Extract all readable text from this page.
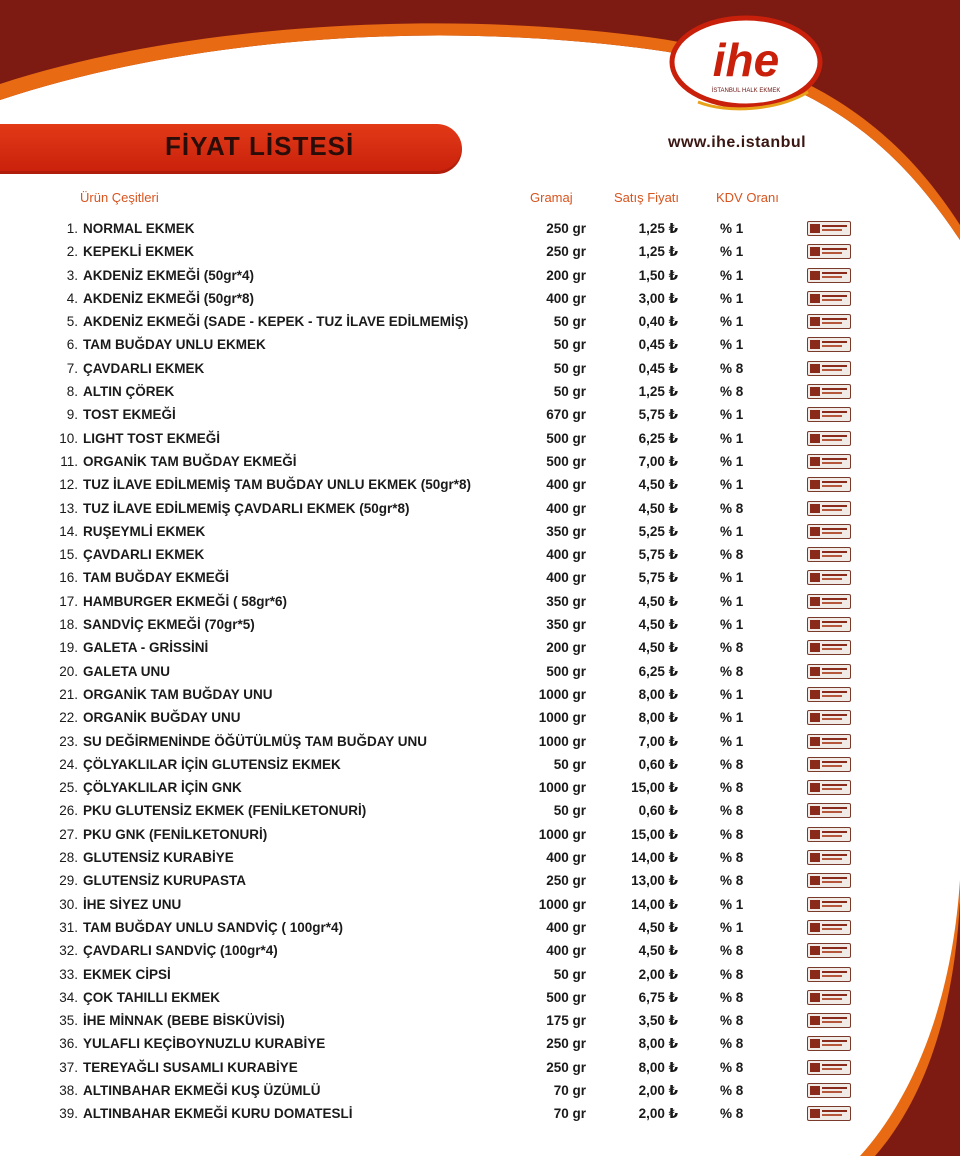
ihe
İSTANBUL HALK EKMEK
www.ihe.istanbul
FİYAT LİSTESİ
Ürün Çeşitleri	Gramaj	Satış Fiyatı	KDV Oranı
1. NORMAL EKMEK	250 gr	1,25 ₺	% 1
2. KEPEKLİ EKMEK	250 gr	1,25 ₺	% 1
3. AKDENİZ EKMEĞİ (50gr*4)	200 gr	1,50 ₺	% 1
4. AKDENİZ EKMEĞİ (50gr*8)	400 gr	3,00 ₺	% 1
5. AKDENİZ EKMEĞİ (SADE - KEPEK - TUZ İLAVE EDİLMEMİŞ)	50 gr	0,40 ₺	% 1
6. TAM BUĞDAY UNLU EKMEK	50 gr	0,45 ₺	% 1
7. ÇAVDARLI EKMEK	50 gr	0,45 ₺	% 8
8. ALTIN ÇÖREK	50 gr	1,25 ₺	% 8
9. TOST EKMEĞİ	670 gr	5,75 ₺	% 1
10. LIGHT TOST EKMEĞİ	500 gr	6,25 ₺	% 1
11. ORGANİK TAM BUĞDAY EKMEĞİ	500 gr	7,00 ₺	% 1
12. TUZ İLAVE EDİLMEMİŞ TAM BUĞDAY UNLU EKMEK (50gr*8)	400 gr	4,50 ₺	% 1
13. TUZ İLAVE EDİLMEMİŞ ÇAVDARLI EKMEK (50gr*8)	400 gr	4,50 ₺	% 8
14. RUŞEYMLİ EKMEK	350 gr	5,25 ₺	% 1
15. ÇAVDARLI EKMEK	400 gr	5,75 ₺	% 8
16. TAM BUĞDAY EKMEĞİ	400 gr	5,75 ₺	% 1
17. HAMBURGER EKMEĞİ ( 58gr*6)	350 gr	4,50 ₺	% 1
18. SANDVİÇ EKMEĞİ (70gr*5)	350 gr	4,50 ₺	% 1
19. GALETA - GRİSSİNİ	200 gr	4,50 ₺	% 8
20. GALETA UNU	500 gr	6,25 ₺	% 8
21. ORGANİK TAM BUĞDAY UNU	1000 gr	8,00 ₺	% 1
22. ORGANİK BUĞDAY UNU	1000 gr	8,00 ₺	% 1
23. SU DEĞİRMENİNDE ÖĞÜTÜLMÜŞ TAM BUĞDAY UNU	1000 gr	7,00 ₺	% 1
24. ÇÖLYAKLILAR İÇİN GLUTENSİZ EKMEK	50 gr	0,60 ₺	% 8
25. ÇÖLYAKLILAR İÇİN GNK	1000 gr	15,00 ₺	% 8
26. PKU GLUTENSİZ EKMEK (FENİLKETONURİ)	50 gr	0,60 ₺	% 8
27. PKU GNK (FENİLKETONURİ)	1000 gr	15,00 ₺	% 8
28. GLUTENSİZ KURABİYE	400 gr	14,00 ₺	% 8
29. GLUTENSİZ KURUPASTA	250 gr	13,00 ₺	% 8
30. İHE SİYEZ UNU	1000 gr	14,00 ₺	% 1
31. TAM BUĞDAY UNLU SANDVİÇ ( 100gr*4)	400 gr	4,50 ₺	% 1
32. ÇAVDARLI SANDVİÇ (100gr*4)	400 gr	4,50 ₺	% 8
33. EKMEK CİPSİ	50 gr	2,00 ₺	% 8
34. ÇOK TAHILLI EKMEK	500 gr	6,75 ₺	% 8
35. İHE MİNNAK (BEBE BİSKÜVİSİ)	175 gr	3,50 ₺	% 8
36. YULAFLI KEÇİBOYNUZLU KURABİYE	250 gr	8,00 ₺	% 8
37. TEREYAĞLI SUSAMLI KURABİYE	250 gr	8,00 ₺	% 8
38. ALTINBAHAR EKMEĞİ KUŞ ÜZÜMLÜ	70 gr	2,00 ₺	% 8
39. ALTINBAHAR EKMEĞİ KURU DOMATESLİ	70 gr	2,00 ₺	% 8
